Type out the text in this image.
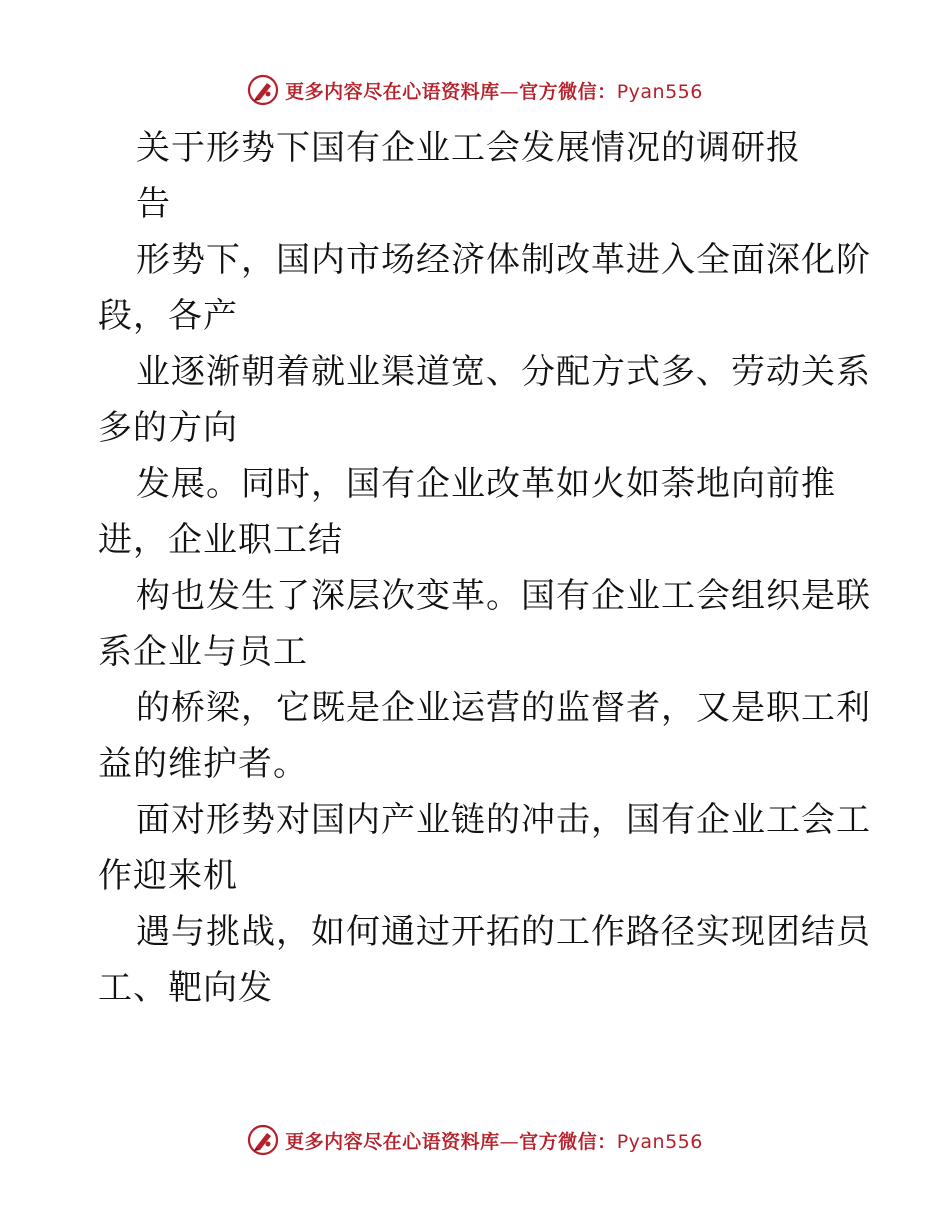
更多内容尽在心语资料库—官方微信：Pyan556
关于形势下国有企业工会发展情况的调研报
告
形势下，国内市场经济体制改革进入全面深化阶
段，各产
业逐渐朝着就业渠道宽、分配方式多、劳动关系
多的方向
发展。同时，国有企业改革如火如荼地向前推
进，企业职工结
构也发生了深层次变革。国有企业工会组织是联
系企业与员工
的桥梁，它既是企业运营的监督者，又是职工利
益的维护者。
面对形势对国内产业链的冲击，国有企业工会工
作迎来机
遇与挑战，如何通过开拓的工作路径实现团结员
工、靶向发
更多内容尽在心语资料库—官方微信：Pyan556
